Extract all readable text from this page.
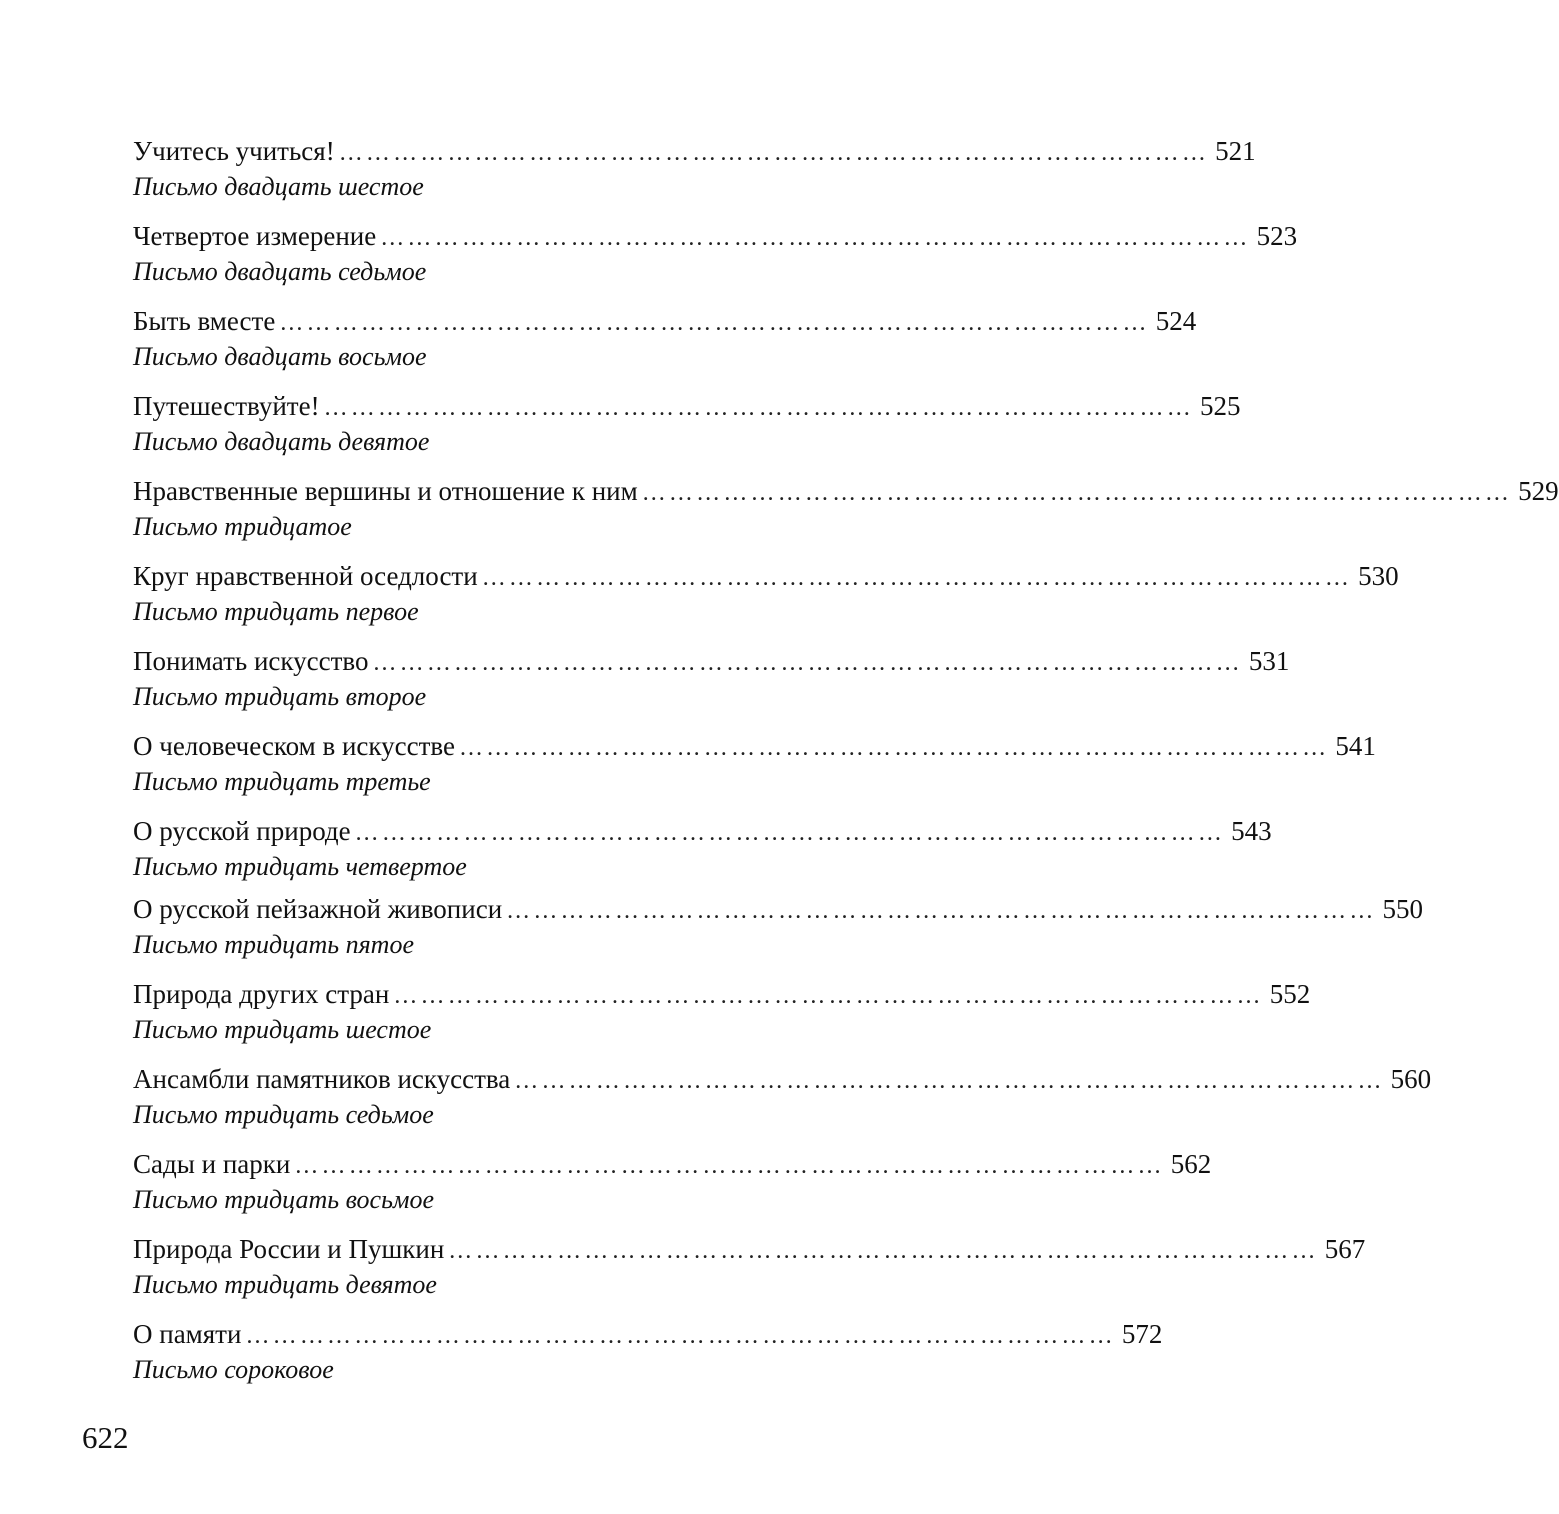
Учитесь учиться! …………………………………………………………………………………… 521
Письмо двадцать шестое
Четвертое измерение …………………………………………………………………………………… 523
Письмо двадцать седьмое
Быть вместе …………………………………………………………………………………… 524
Письмо двадцать восьмое
Путешествуйте! …………………………………………………………………………………… 525
Письмо двадцать девятое
Нравственные вершины и отношение к ним …………………………………………………………………………………… 529
Письмо тридцатое
Круг нравственной оседлости …………………………………………………………………………………… 530
Письмо тридцать первое
Понимать искусство …………………………………………………………………………………… 531
Письмо тридцать второе
О человеческом в искусстве …………………………………………………………………………………… 541
Письмо тридцать третье
О русской природе …………………………………………………………………………………… 543
Письмо тридцать четвертое
О русской пейзажной живописи …………………………………………………………………………………… 550
Письмо тридцать пятое
Природа других стран …………………………………………………………………………………… 552
Письмо тридцать шестое
Ансамбли памятников искусства …………………………………………………………………………………… 560
Письмо тридцать седьмое
Сады и парки …………………………………………………………………………………… 562
Письмо тридцать восьмое
Природа России и Пушкин …………………………………………………………………………………… 567
Письмо тридцать девятое
О памяти …………………………………………………………………………………… 572
Письмо сороковое
622
